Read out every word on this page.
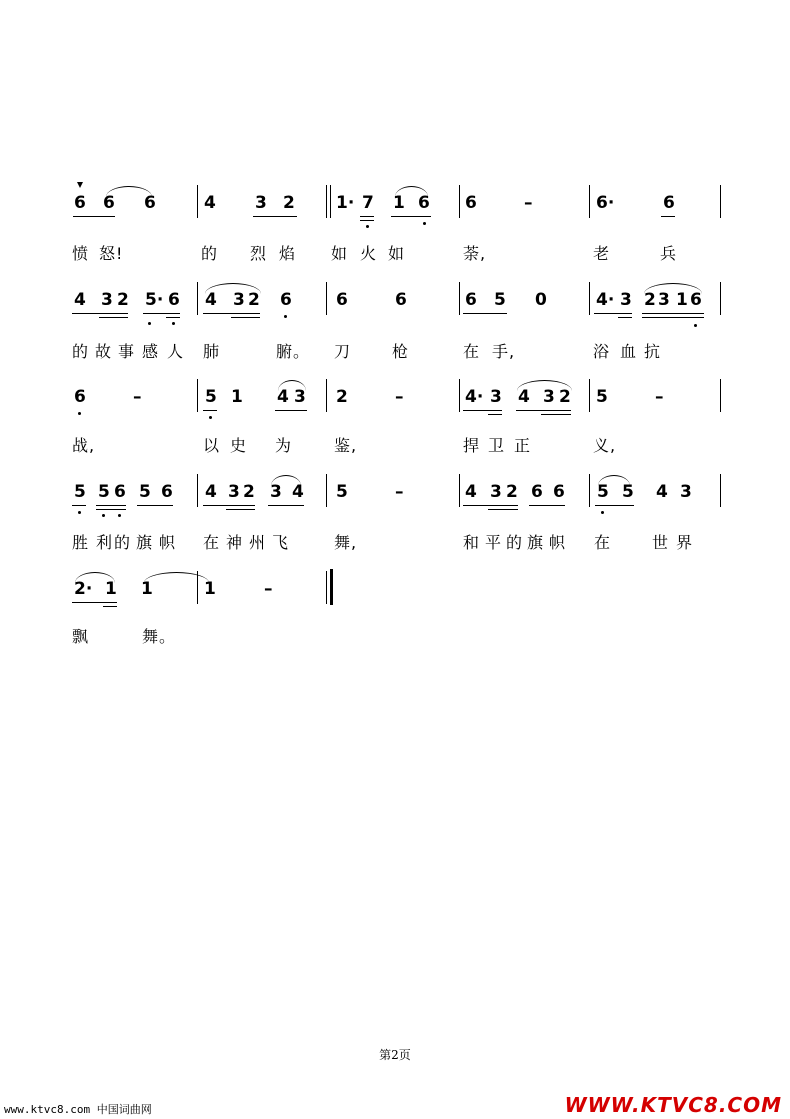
6 6 6	4 3 2 1· 7 1 6 6	–	6·	6
愤 怒!	的 烈 焰 如 火 如	荼,	老	兵
4 3 2 5· 6 4 3 2 6	6	6	6 5 0	4· 3 2 3 1 6
的 故 事 感 人 肺	腑。 刀	枪	在 手,	浴 血 抗
6	–	5 1 4 3 2	–	4· 3 4 3 2 5	–
战,	以 史 为	鉴,	捍 卫 正	义,
5 5 6 5 6 4 3 2 3 4 5	–	4 3 2 6 6 5 5 4 3
胜 利 的 旗 帜 在 神 州 飞	舞,	和 平 的 旗 帜 在	世 界
2· 1 1	1	–
飘	舞。
第2页
www.ktvc8.com 中国词曲网	WWW.KTVC8.COM
